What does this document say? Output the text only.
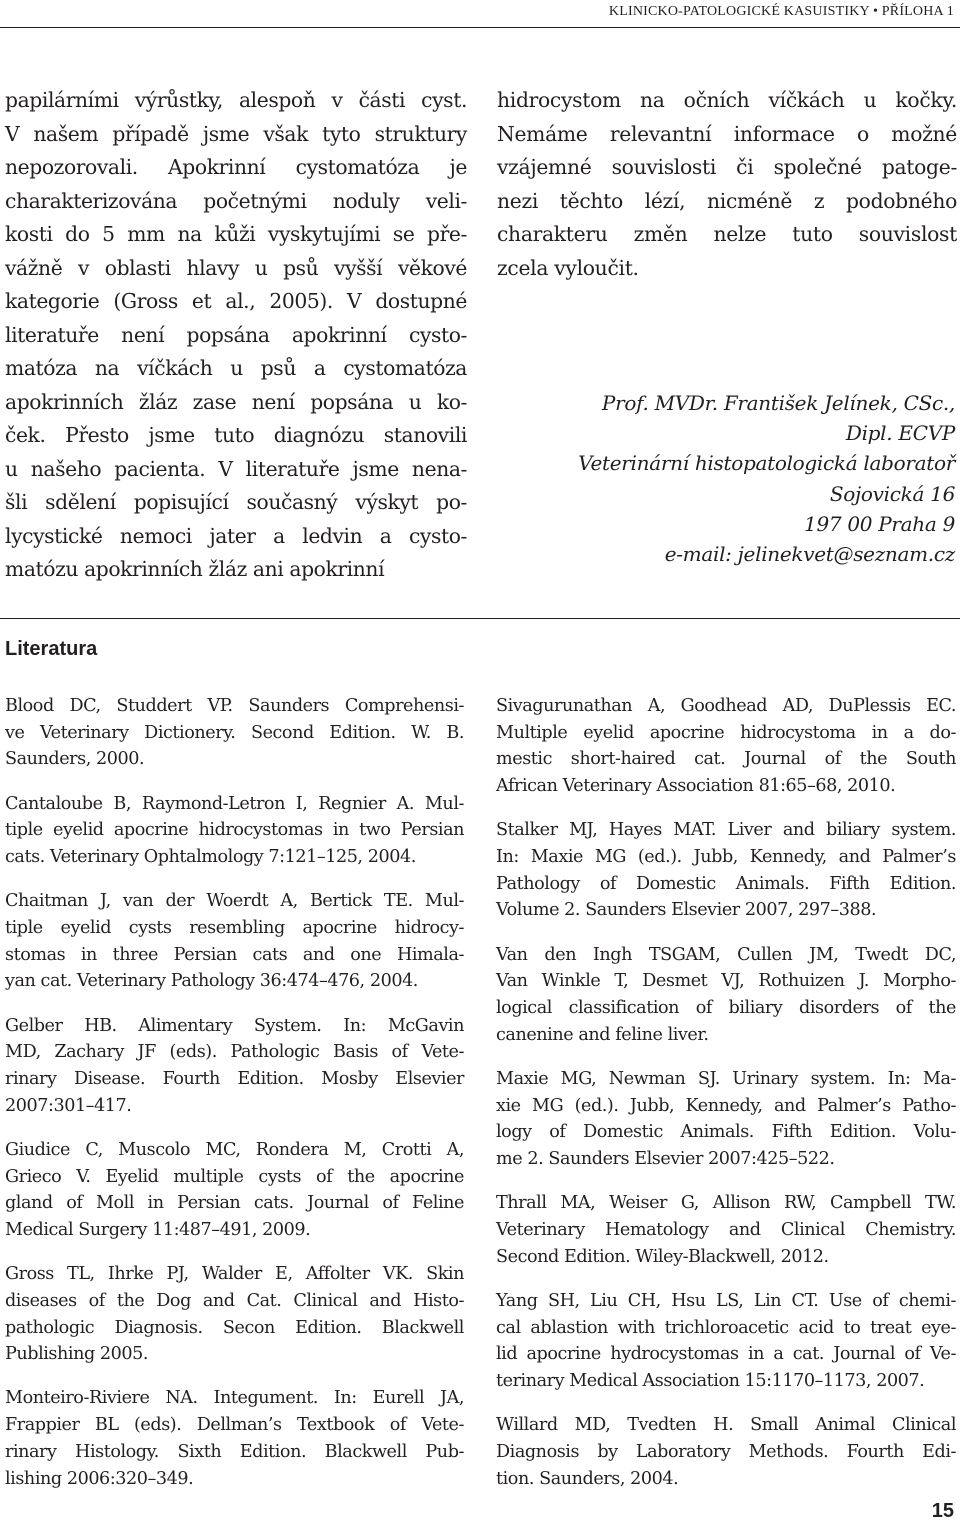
KLINICKO-PATOLOGICKÉ KASUISTIKY • PŘÍLOHA 1
papilárními výrůstky, alespoň v části cyst.
V našem případě jsme však tyto struktury
nepozorovali. Apokrinní cystomatóza je
charakterizována početnými noduly veli-
kosti do 5 mm na kůži vyskytujími se pře-
vážně v oblasti hlavy u psů vyšší věkové
kategorie (Gross et al., 2005). V dostupné
literatuře není popsána apokrinní cysto-
matóza na víčkách u psů a cystomatóza
apokrinních žláz zase není popsána u ko-
ček. Přesto jsme tuto diagnózu stanovili
u našeho pacienta. V literatuře jsme nena-
šli sdělení popisující současný výskyt po-
lycystické nemoci jater a ledvin a cysto-
matózu apokrinních žláz ani apokrinní
hidrocystom na očních víčkách u kočky.
Nemáme relevantní informace o možné
vzájemné souvislosti či společné patoge-
nezi těchto lézí, nicméně z podobného
charakteru změn nelze tuto souvislost
zcela vyloučit.
Prof. MVDr. František Jelínek, CSc.,
Dipl. ECVP
Veterinární histopatologická laboratoř
Sojovická 16
197 00 Praha 9
e-mail: jelinekvet@seznam.cz
Literatura
Blood DC, Studdert VP. Saunders Comprehensi-
ve Veterinary Dictionery. Second Edition. W. B.
Saunders, 2000.
Cantaloube B, Raymond-Letron I, Regnier A. Mul-
tiple eyelid apocrine hidrocystomas in two Persian
cats. Veterinary Ophtalmology 7:121–125, 2004.
Chaitman J, van der Woerdt A, Bertick TE. Mul-
tiple eyelid cysts resembling apocrine hidrocy-
stomas in three Persian cats and one Himala-
yan cat. Veterinary Pathology 36:474–476, 2004.
Gelber HB. Alimentary System. In: McGavin
MD, Zachary JF (eds). Pathologic Basis of Vete-
rinary Disease. Fourth Edition. Mosby Elsevier
2007:301–417.
Giudice C, Muscolo MC, Rondera M, Crotti A,
Grieco V. Eyelid multiple cysts of the apocrine
gland of Moll in Persian cats. Journal of Feline
Medical Surgery 11:487–491, 2009.
Gross TL, Ihrke PJ, Walder E, Affolter VK. Skin
diseases of the Dog and Cat. Clinical and Histo-
pathologic Diagnosis. Secon Edition. Blackwell
Publishing 2005.
Monteiro-Riviere NA. Integument. In: Eurell JA,
Frappier BL (eds). Dellman’s Textbook of Vete-
rinary Histology. Sixth Edition. Blackwell Pub-
lishing 2006:320–349.
Sivagurunathan A, Goodhead AD, DuPlessis EC.
Multiple eyelid apocrine hidrocystoma in a do-
mestic short-haired cat. Journal of the South
African Veterinary Association 81:65–68, 2010.
Stalker MJ, Hayes MAT. Liver and biliary system.
In: Maxie MG (ed.). Jubb, Kennedy, and Palmer’s
Pathology of Domestic Animals. Fifth Edition.
Volume 2. Saunders Elsevier 2007, 297–388.
Van den Ingh TSGAM, Cullen JM, Twedt DC,
Van Winkle T, Desmet VJ, Rothuizen J. Morpho-
logical classification of biliary disorders of the
canenine and feline liver.
Maxie MG, Newman SJ. Urinary system. In: Ma-
xie MG (ed.). Jubb, Kennedy, and Palmer’s Patho-
logy of Domestic Animals. Fifth Edition. Volu-
me 2. Saunders Elsevier 2007:425–522.
Thrall MA, Weiser G, Allison RW, Campbell TW.
Veterinary Hematology and Clinical Chemistry.
Second Edition. Wiley-Blackwell, 2012.
Yang SH, Liu CH, Hsu LS, Lin CT. Use of chemi-
cal ablastion with trichloroacetic acid to treat eye-
lid apocrine hydrocystomas in a cat. Journal of Ve-
terinary Medical Association 15:1170–1173, 2007.
Willard MD, Tvedten H. Small Animal Clinical
Diagnosis by Laboratory Methods. Fourth Edi-
tion. Saunders, 2004.
15
